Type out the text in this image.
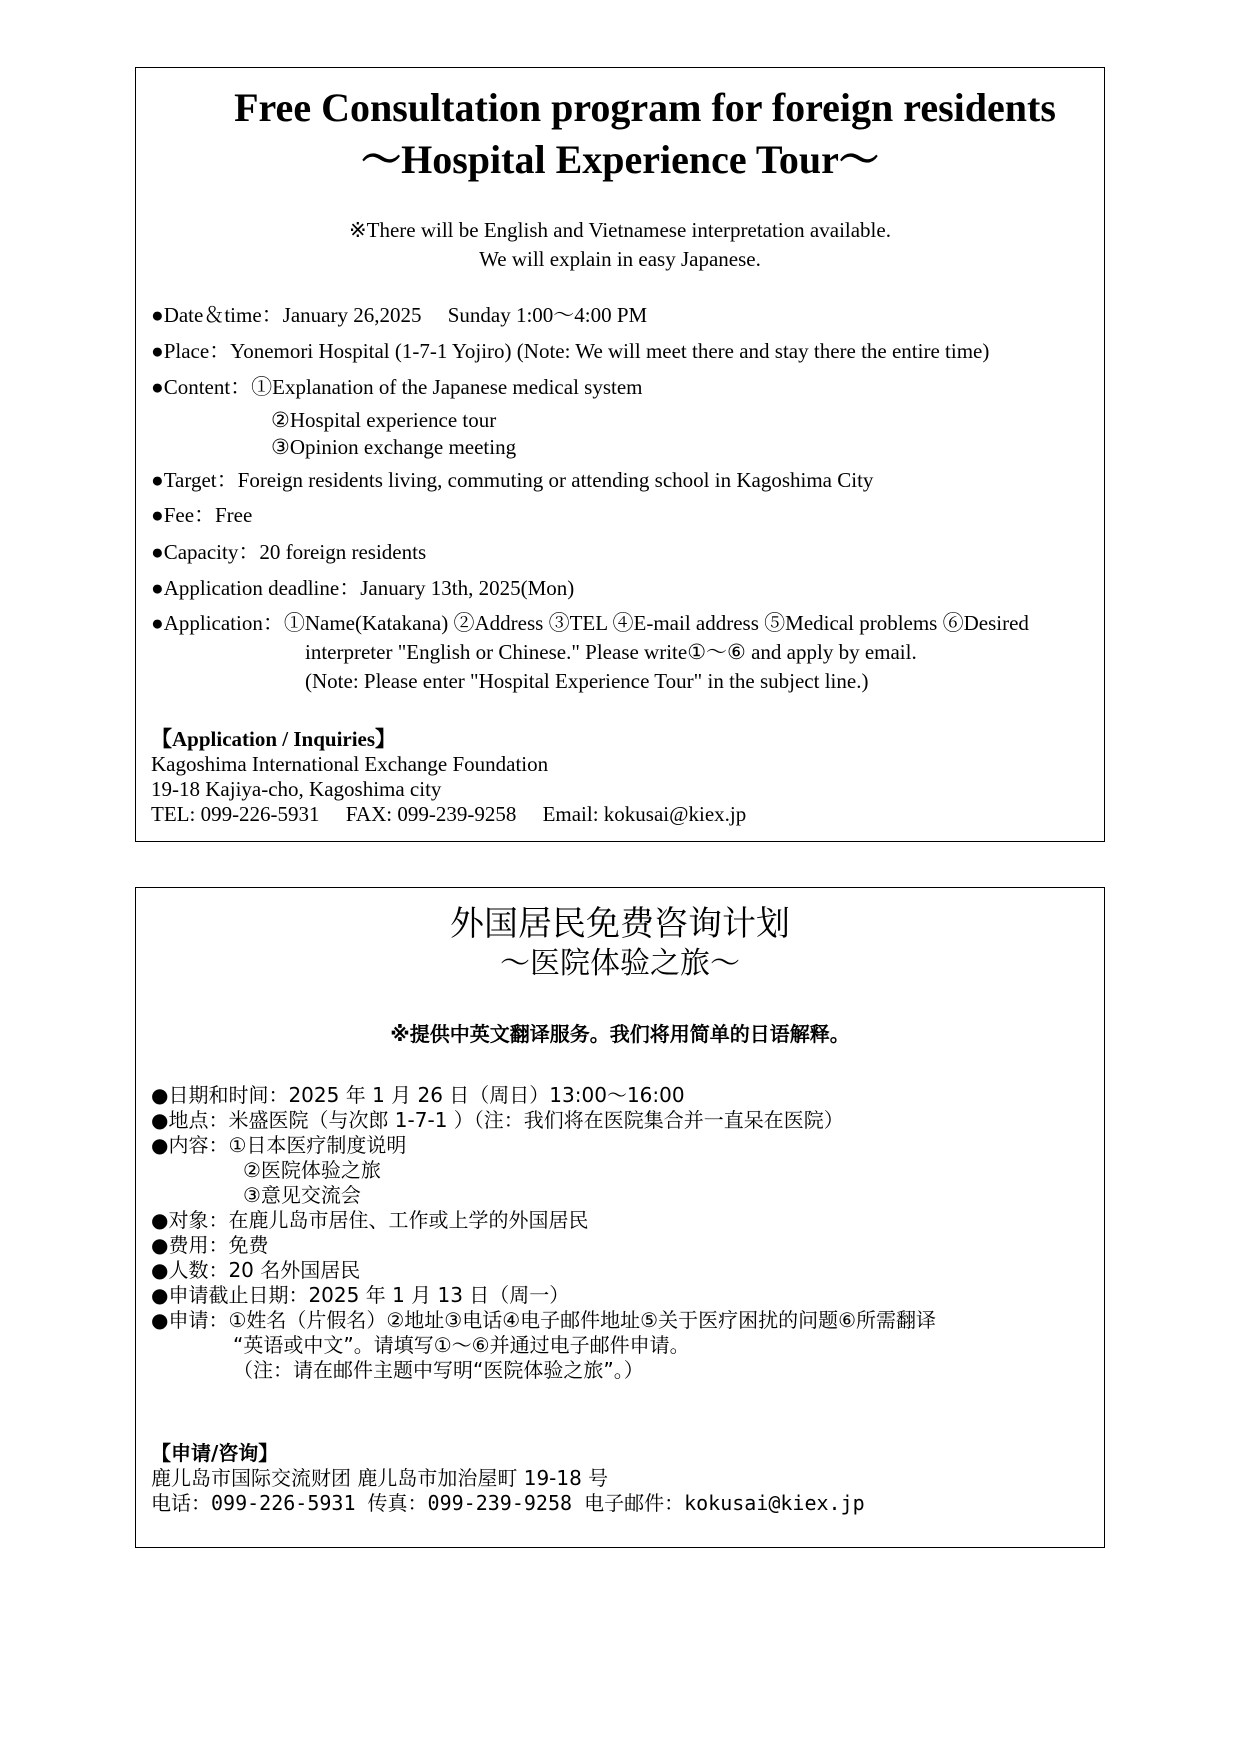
Free Consultation program for foreign residents
～Hospital Experience Tour～
※There will be English and Vietnamese interpretation available.
We will explain in easy Japanese.
●Date＆time：January 26,2025　 Sunday 1:00～4:00 PM
●Place：Yonemori Hospital (1-7-1 Yojiro) (Note: We will meet there and stay there the entire time)
●Content：①Explanation of the Japanese medical system
②Hospital experience tour
③Opinion exchange meeting
●Target：Foreign residents living, commuting or attending school in Kagoshima City
●Fee：Free
●Capacity：20 foreign residents
●Application deadline：January 13th, 2025(Mon)
●Application：①Name(Katakana) ②Address ③TEL ④E-mail address ⑤Medical problems ⑥Desired
interpreter "English or Chinese." Please write①～⑥ and apply by email.
(Note: Please enter "Hospital Experience Tour" in the subject line.)
【Application / Inquiries】
Kagoshima International Exchange Foundation
19-18 Kajiya-cho, Kagoshima city
TEL: 099-226-5931　 FAX: 099-239-9258　 Email: kokusai@kiex.jp
外国居民免费咨询计划
～医院体验之旅～
※提供中英文翻译服务。我们将用简单的日语解释。
●日期和时间：2025 年 1 月 26 日（周日）13:00～16:00
●地点：米盛医院（与次郎 1-7-1 ）（注：我们将在医院集合并一直呆在医院）
●内容：①日本医疗制度说明
②医院体验之旅
③意见交流会
●对象：在鹿儿岛市居住、工作或上学的外国居民
●费用：免费
●人数：20 名外国居民
●申请截止日期：2025 年 1 月 13 日（周一）
●申请：①姓名（片假名）②地址③电话④电子邮件地址⑤关于医疗困扰的问题⑥所需翻译
“英语或中文”。请填写①～⑥并通过电子邮件申请。
（注：请在邮件主题中写明“医院体验之旅”。）
【申请/咨询】
鹿儿岛市国际交流财团 鹿儿岛市加治屋町 19-18 号
电话：099-226-5931 传真：099-239-9258 电子邮件：kokusai@kiex.jp
